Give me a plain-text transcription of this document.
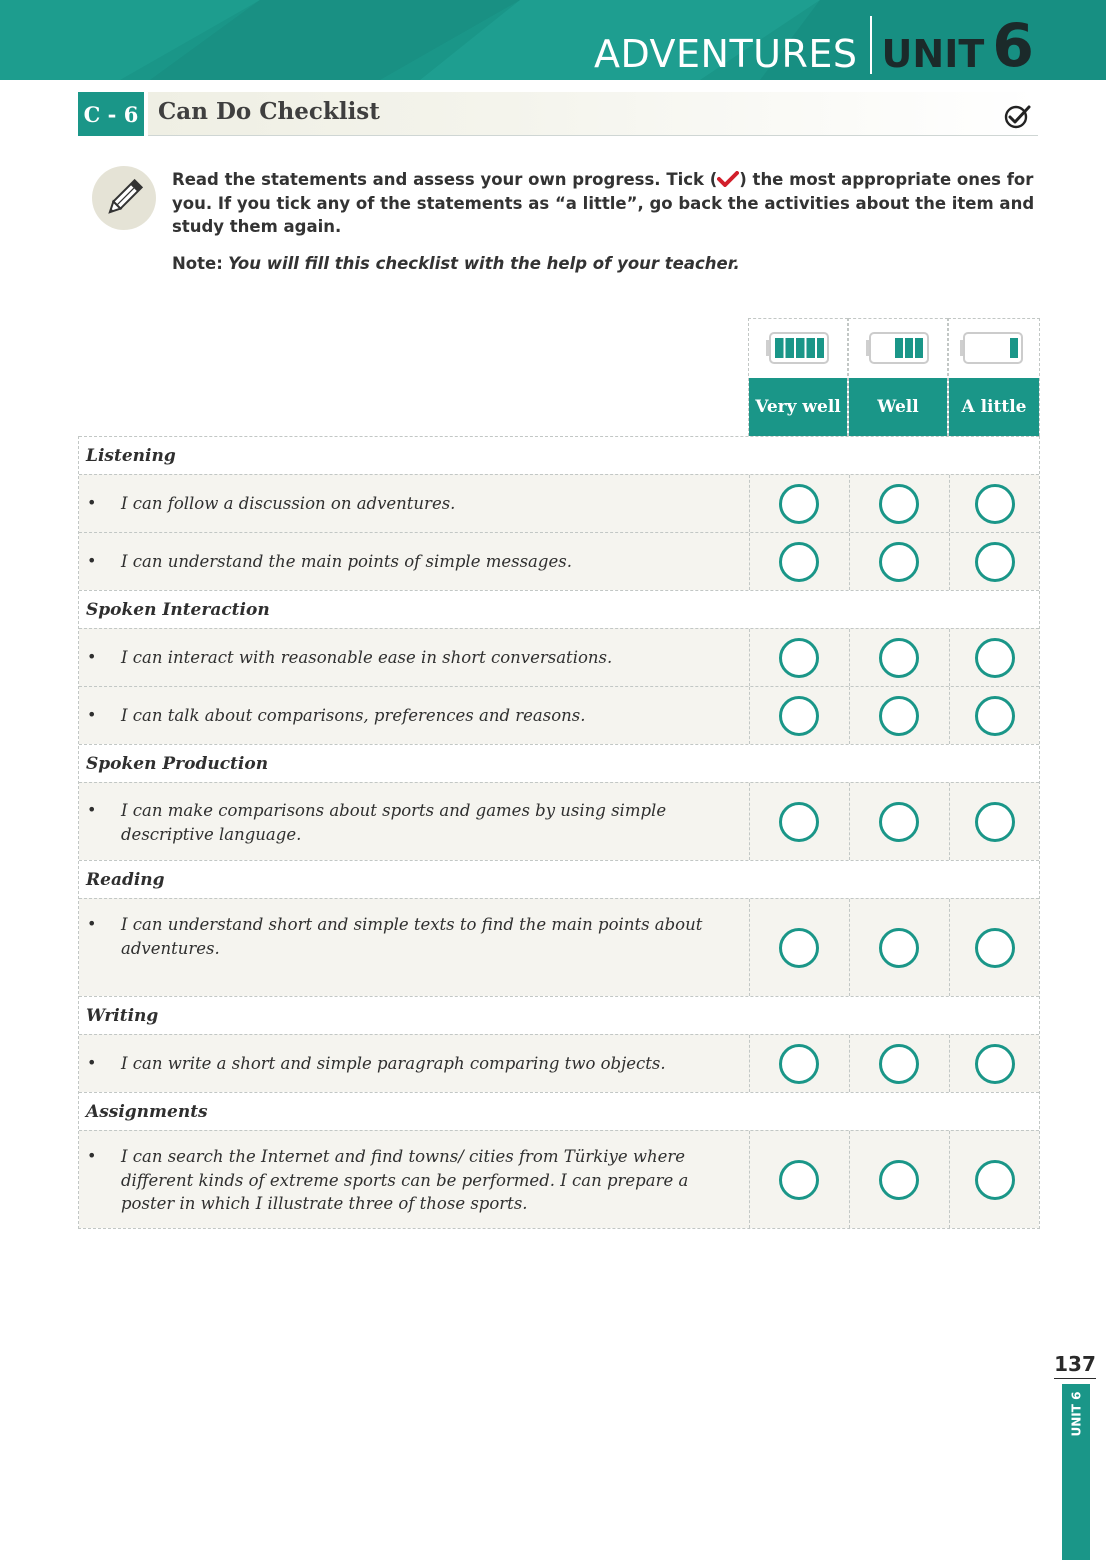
ADVENTURES UNIT 6
C - 6 Can Do Checklist
Read the statements and assess your own progress. Tick ( ) the most appropriate ones for you. If you tick any of the statements as “a little”, go back the activities about the item and study them again.
Note: You will fill this checklist with the help of your teacher.
Very well	Well	A little
Listening
• I can follow a discussion on adventures.
• I can understand the main points of simple messages.
Spoken Interaction
• I can interact with reasonable ease in short conversations.
• I can talk about comparisons, preferences and reasons.
Spoken Production
• I can make comparisons about sports and games by using simple descriptive language.
Reading
• I can understand short and simple texts to find the main points about adventures.
Writing
• I can write a short and simple paragraph comparing two objects.
Assignments
• I can search the Internet and find towns/ cities from Türkiye where different kinds of extreme sports can be performed. I can prepare a poster in which I illustrate three of those sports.
137
UNIT 6
